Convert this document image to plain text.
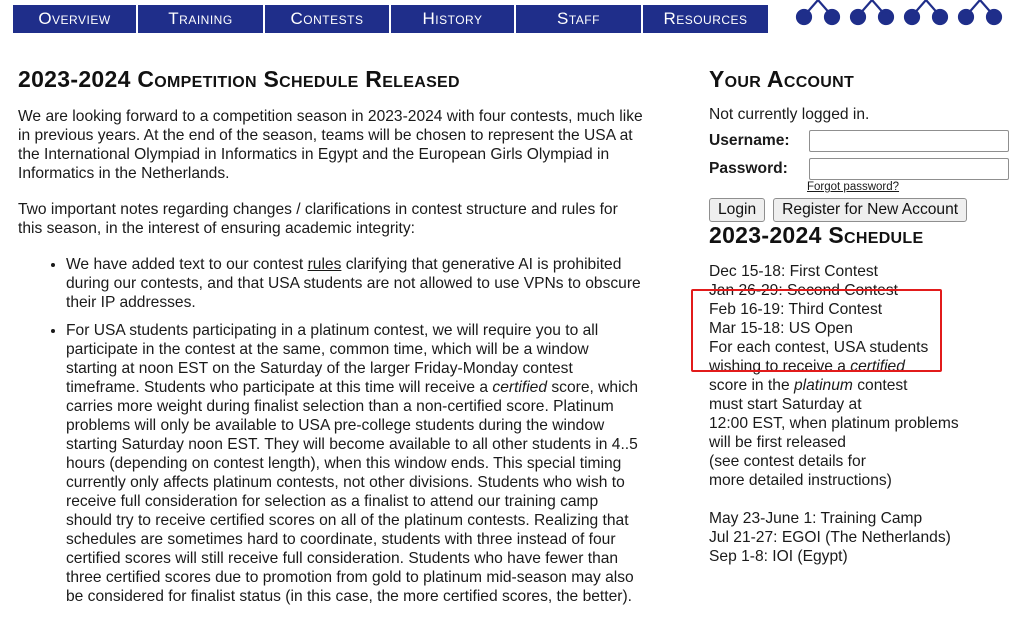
Overview	Training	Contests	History	Staff	Resources
2023-2024 Competition Schedule Released

We are looking forward to a competition season in 2023-2024 with four contests, much like in previous years. At the end of the season, teams will be chosen to represent the USA at the International Olympiad in Informatics in Egypt and the European Girls Olympiad in Informatics in the Netherlands.

Two important notes regarding changes / clarifications in contest structure and rules for this season, in the interest of ensuring academic integrity:

• We have added text to our contest rules clarifying that generative AI is prohibited during our contests, and that USA students are not allowed to use VPNs to obscure their IP addresses.
• For USA students participating in a platinum contest, we will require you to all participate in the contest at the same, common time, which will be a window starting at noon EST on the Saturday of the larger Friday-Monday contest timeframe. Students who participate at this time will receive a certified score, which carries more weight during finalist selection than a non-certified score. Platinum problems will only be available to USA pre-college students during the window starting Saturday noon EST. They will become available to all other students in 4..5 hours (depending on contest length), when this window ends. This special timing currently only affects platinum contests, not other divisions. Students who wish to receive full consideration for selection as a finalist to attend our training camp should try to receive certified scores on all of the platinum contests. Realizing that schedules are sometimes hard to coordinate, students with three instead of four certified scores will still receive full consideration. Students who have fewer than three certified scores due to promotion from gold to platinum mid-season may also be considered for finalist status (in this case, the more certified scores, the better).
Your Account
Not currently logged in.
Username:
Password:
Forgot password?
Login	Register for New Account
2023-2024 Schedule
Dec 15-18: First Contest
Jan 26-29: Second Contest
Feb 16-19: Third Contest
Mar 15-18: US Open
For each contest, USA students
wishing to receive a certified
score in the platinum contest
must start Saturday at
12:00 EST, when platinum problems
will be first released
(see contest details for
more detailed instructions)
May 23-June 1: Training Camp
Jul 21-27: EGOI (The Netherlands)
Sep 1-8: IOI (Egypt)
